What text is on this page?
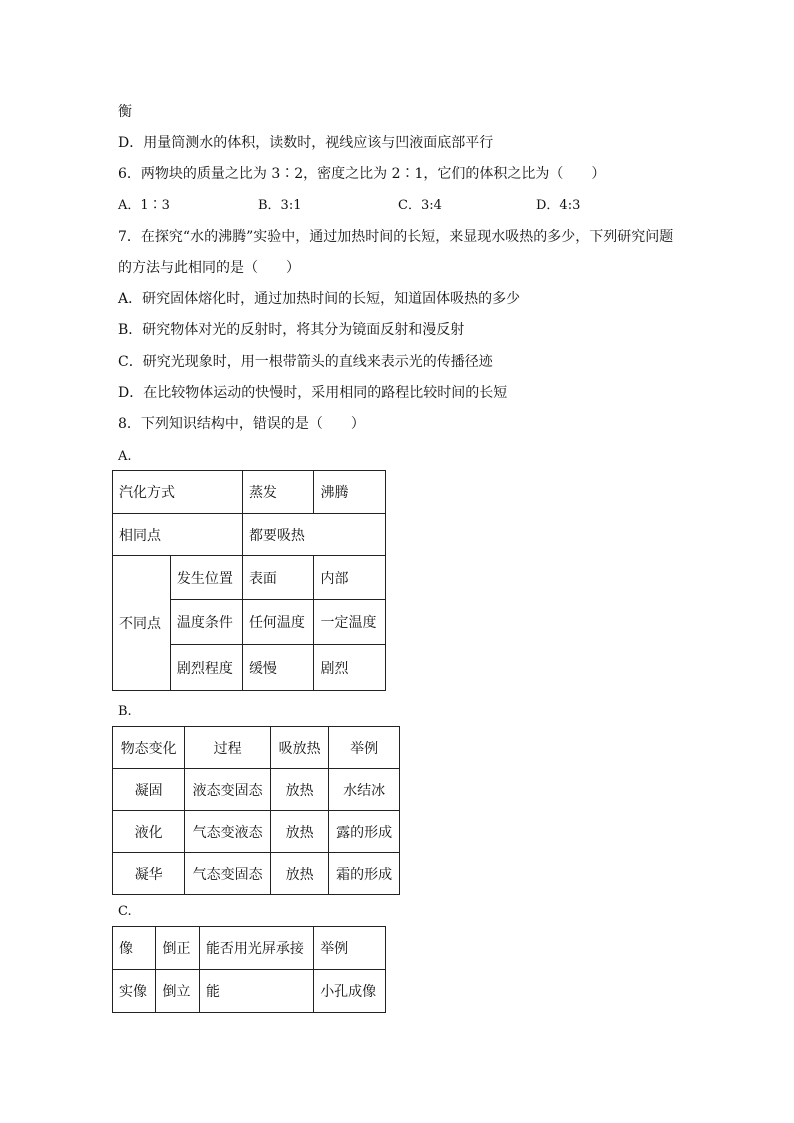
衡
D．用量筒测水的体积，读数时，视线应该与凹液面底部平行
6．两物块的质量之比为 3∶2，密度之比为 2∶1，它们的体积之比为（　　）
A．1∶3	B．3:1	C．3:4	D．4:3
7．在探究“水的沸腾”实验中，通过加热时间的长短，来显现水吸热的多少，下列研究问题
的方法与此相同的是（　　）
A．研究固体熔化时，通过加热时间的长短，知道固体吸热的多少
B．研究物体对光的反射时，将其分为镜面反射和漫反射
C．研究光现象时，用一根带箭头的直线来表示光的传播径迹
D．在比较物体运动的快慢时，采用相同的路程比较时间的长短
8．下列知识结构中，错误的是（　　）
A.
汽化方式		蒸发	沸腾
相同点		都要吸热	
不同点	发生位置	表面	内部
	温度条件	任何温度	一定温度
	剧烈程度	缓慢	剧烈
B.
物态变化	过程	吸放热	举例
凝固	液态变固态	放热	水结冰
液化	气态变液态	放热	露的形成
凝华	气态变固态	放热	霜的形成
C.
像	倒正	能否用光屏承接	举例
实像	倒立	能	小孔成像
